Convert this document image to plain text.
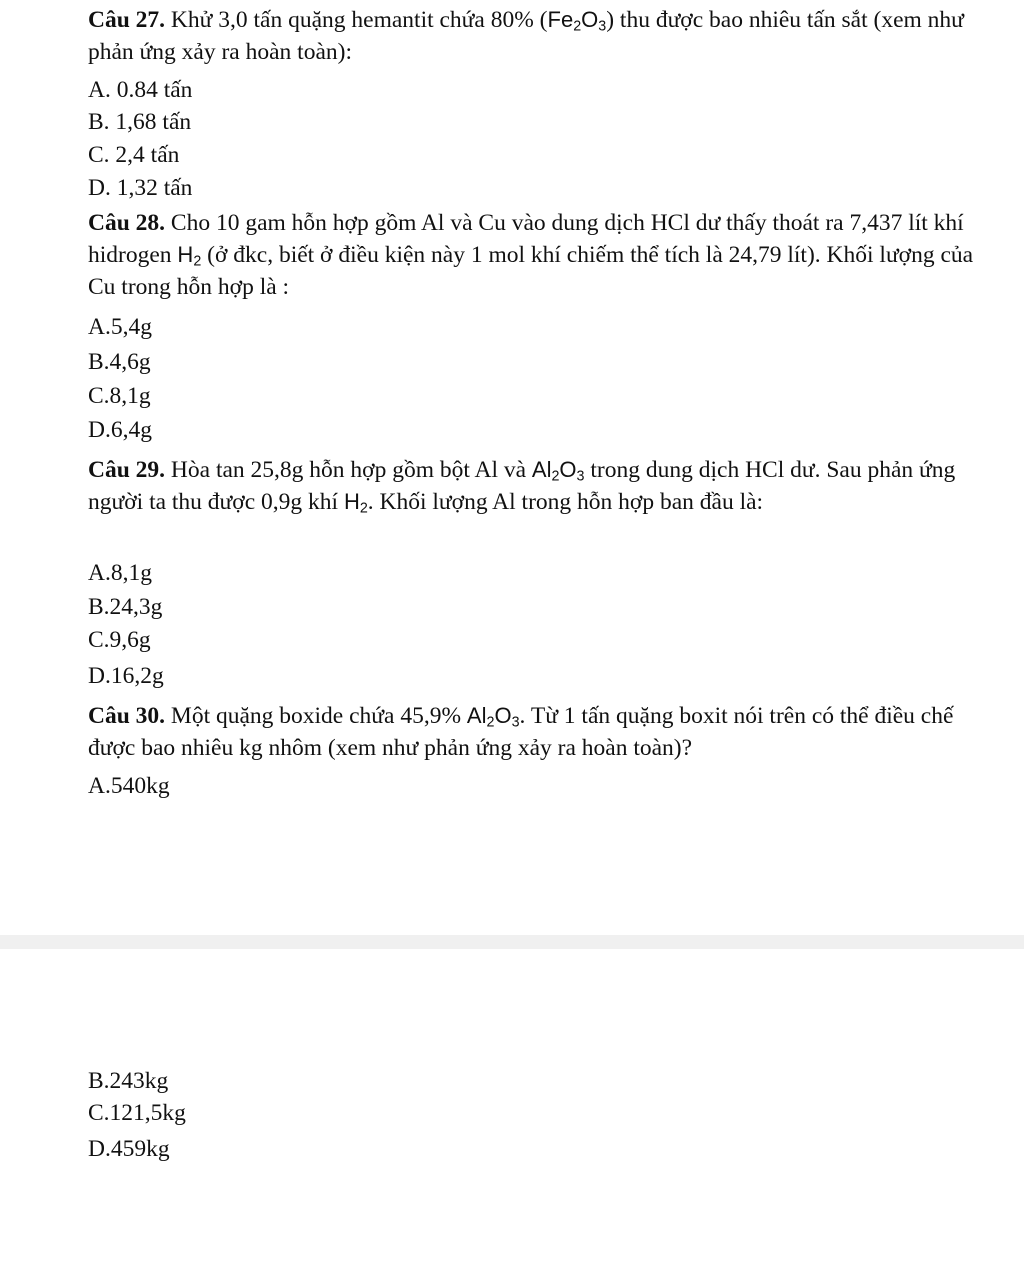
Câu 27. Khử 3,0 tấn quặng hemantit chứa 80% $(Fe_2O_3)$ thu được bao nhiêu tấn sắt (xem như phản ứng xảy ra hoàn toàn):
A. 0.84 tấn
B. 1,68 tấn
C. 2,4 tấn
D. 1,32 tấn
Câu 28. Cho 10 gam hỗn hợp gồm Al và Cu vào dung dịch HCl dư thấy thoát ra 7,437 lít khí hidrogen $H_2$ (ở đkc, biết ở điều kiện này 1 mol khí chiếm thể tích là 24,79 lít). Khối lượng của Cu trong hỗn hợp là :
A.5,4g
B.4,6g
C.8,1g
D.6,4g
Câu 29. Hòa tan 25,8g hỗn hợp gồm bột Al và $Al_2O_3$ trong dung dịch HCl dư. Sau phản ứng người ta thu được 0,9g khí $H_2$. Khối lượng Al trong hỗn hợp ban đầu là:
A.8,1g
B.24,3g
C.9,6g
D.16,2g
Câu 30. Một quặng boxide chứa 45,9% $Al_2O_3$. Từ 1 tấn quặng boxit nói trên có thể điều chế được bao nhiêu kg nhôm (xem như phản ứng xảy ra hoàn toàn)?
A.540kg
B.243kg
C.121,5kg
D.459kg
